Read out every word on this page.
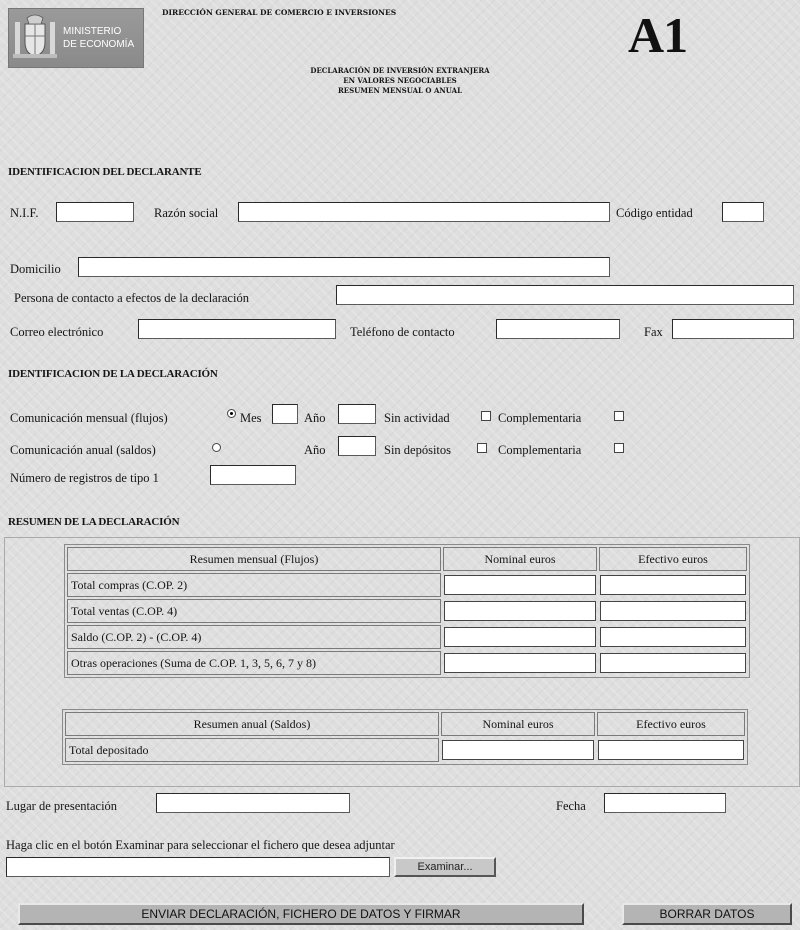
MINISTERIO
DE ECONOMÍA
DIRECCIÓN GENERAL DE COMERCIO E INVERSIONES	A1
DECLARACIÓN DE INVERSIÓN EXTRANJERA
EN VALORES NEGOCIABLES
RESUMEN MENSUAL O ANUAL
IDENTIFICACION DEL DECLARANTE
N.I.F.	Razón social	Código entidad
Domicilio
Persona de contacto a efectos de la declaración
Correo electrónico	Teléfono de contacto	Fax
IDENTIFICACION DE LA DECLARACIÓN
Comunicación mensual (flujos)	Mes	Año	Sin actividad	Complementaria
Comunicación anual (saldos)	Año	Sin depósitos	Complementaria
Número de registros de tipo 1
RESUMEN DE LA DECLARACIÓN
Resumen mensual (Flujos)	Nominal euros	Efectivo euros
Total compras (C.OP. 2)		
Total ventas (C.OP. 4)		
Saldo (C.OP. 2) - (C.OP. 4)		
Otras operaciones (Suma de C.OP. 1, 3, 5, 6, 7 y 8)		
Resumen anual (Saldos)	Nominal euros	Efectivo euros
Total depositado		
Lugar de presentación	Fecha
Haga clic en el botón Examinar para seleccionar el fichero que desea adjuntar
Examinar...
ENVIAR DECLARACIÓN, FICHERO DE DATOS Y FIRMAR	BORRAR DATOS
